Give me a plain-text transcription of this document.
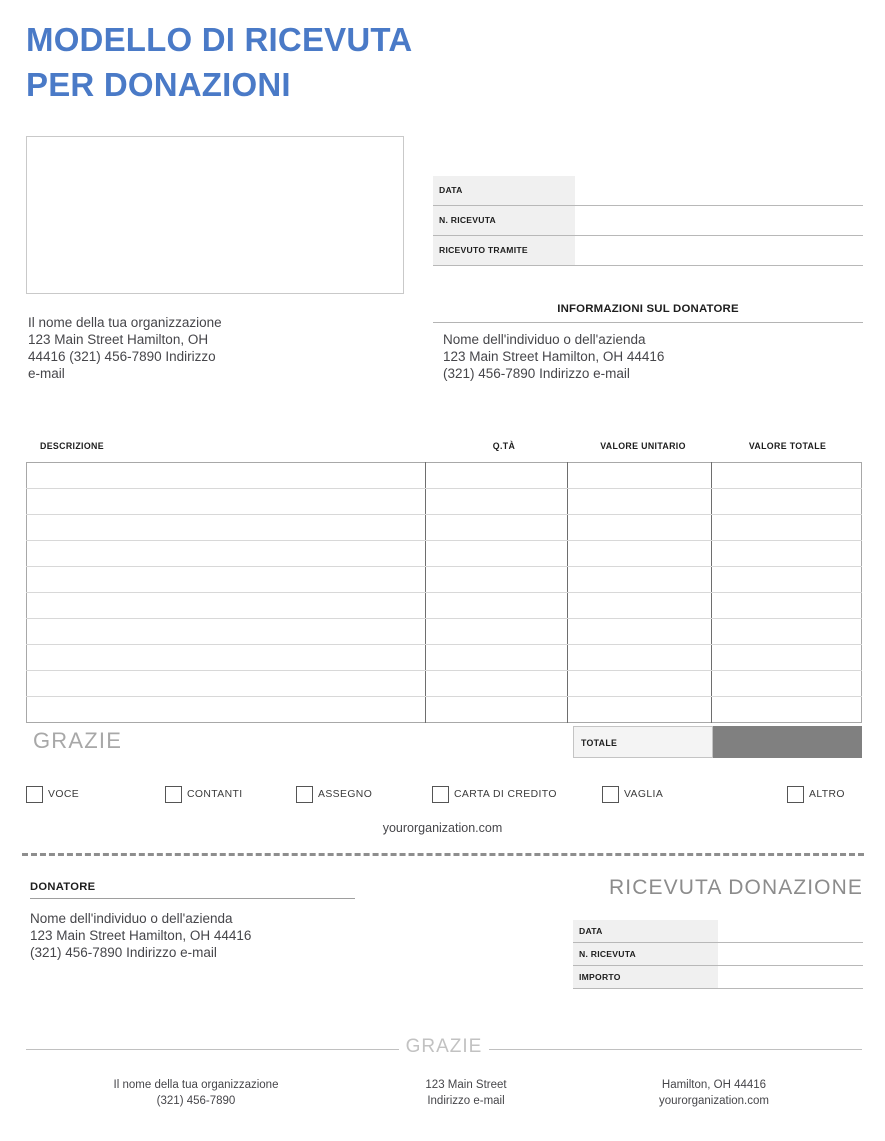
MODELLO DI RICEVUTA
PER DONAZIONI
Il nome della tua organizzazione
123 Main Street Hamilton, OH
44416 (321) 456-7890 Indirizzo
e-mail
DATA
N. RICEVUTA
RICEVUTO TRAMITE
INFORMAZIONI SUL DONATORE
Nome dell'individuo o dell'azienda
123 Main Street Hamilton, OH 44416
(321) 456-7890 Indirizzo e-mail
DESCRIZIONE	Q.TÀ	VALORE UNITARIO	VALORE TOTALE

GRAZIE	TOTALE
VOCE	CONTANTI	ASSEGNO	CARTA DI CREDITO	VAGLIA	ALTRO
yourorganization.com
DONATORE
Nome dell'individuo o dell'azienda
123 Main Street Hamilton, OH 44416
(321) 456-7890 Indirizzo e-mail
RICEVUTA DONAZIONE
DATA
N. RICEVUTA
IMPORTO
GRAZIE
Il nome della tua organizzazione
(321) 456-7890
123 Main Street
Indirizzo e-mail
Hamilton, OH 44416
yourorganization.com
